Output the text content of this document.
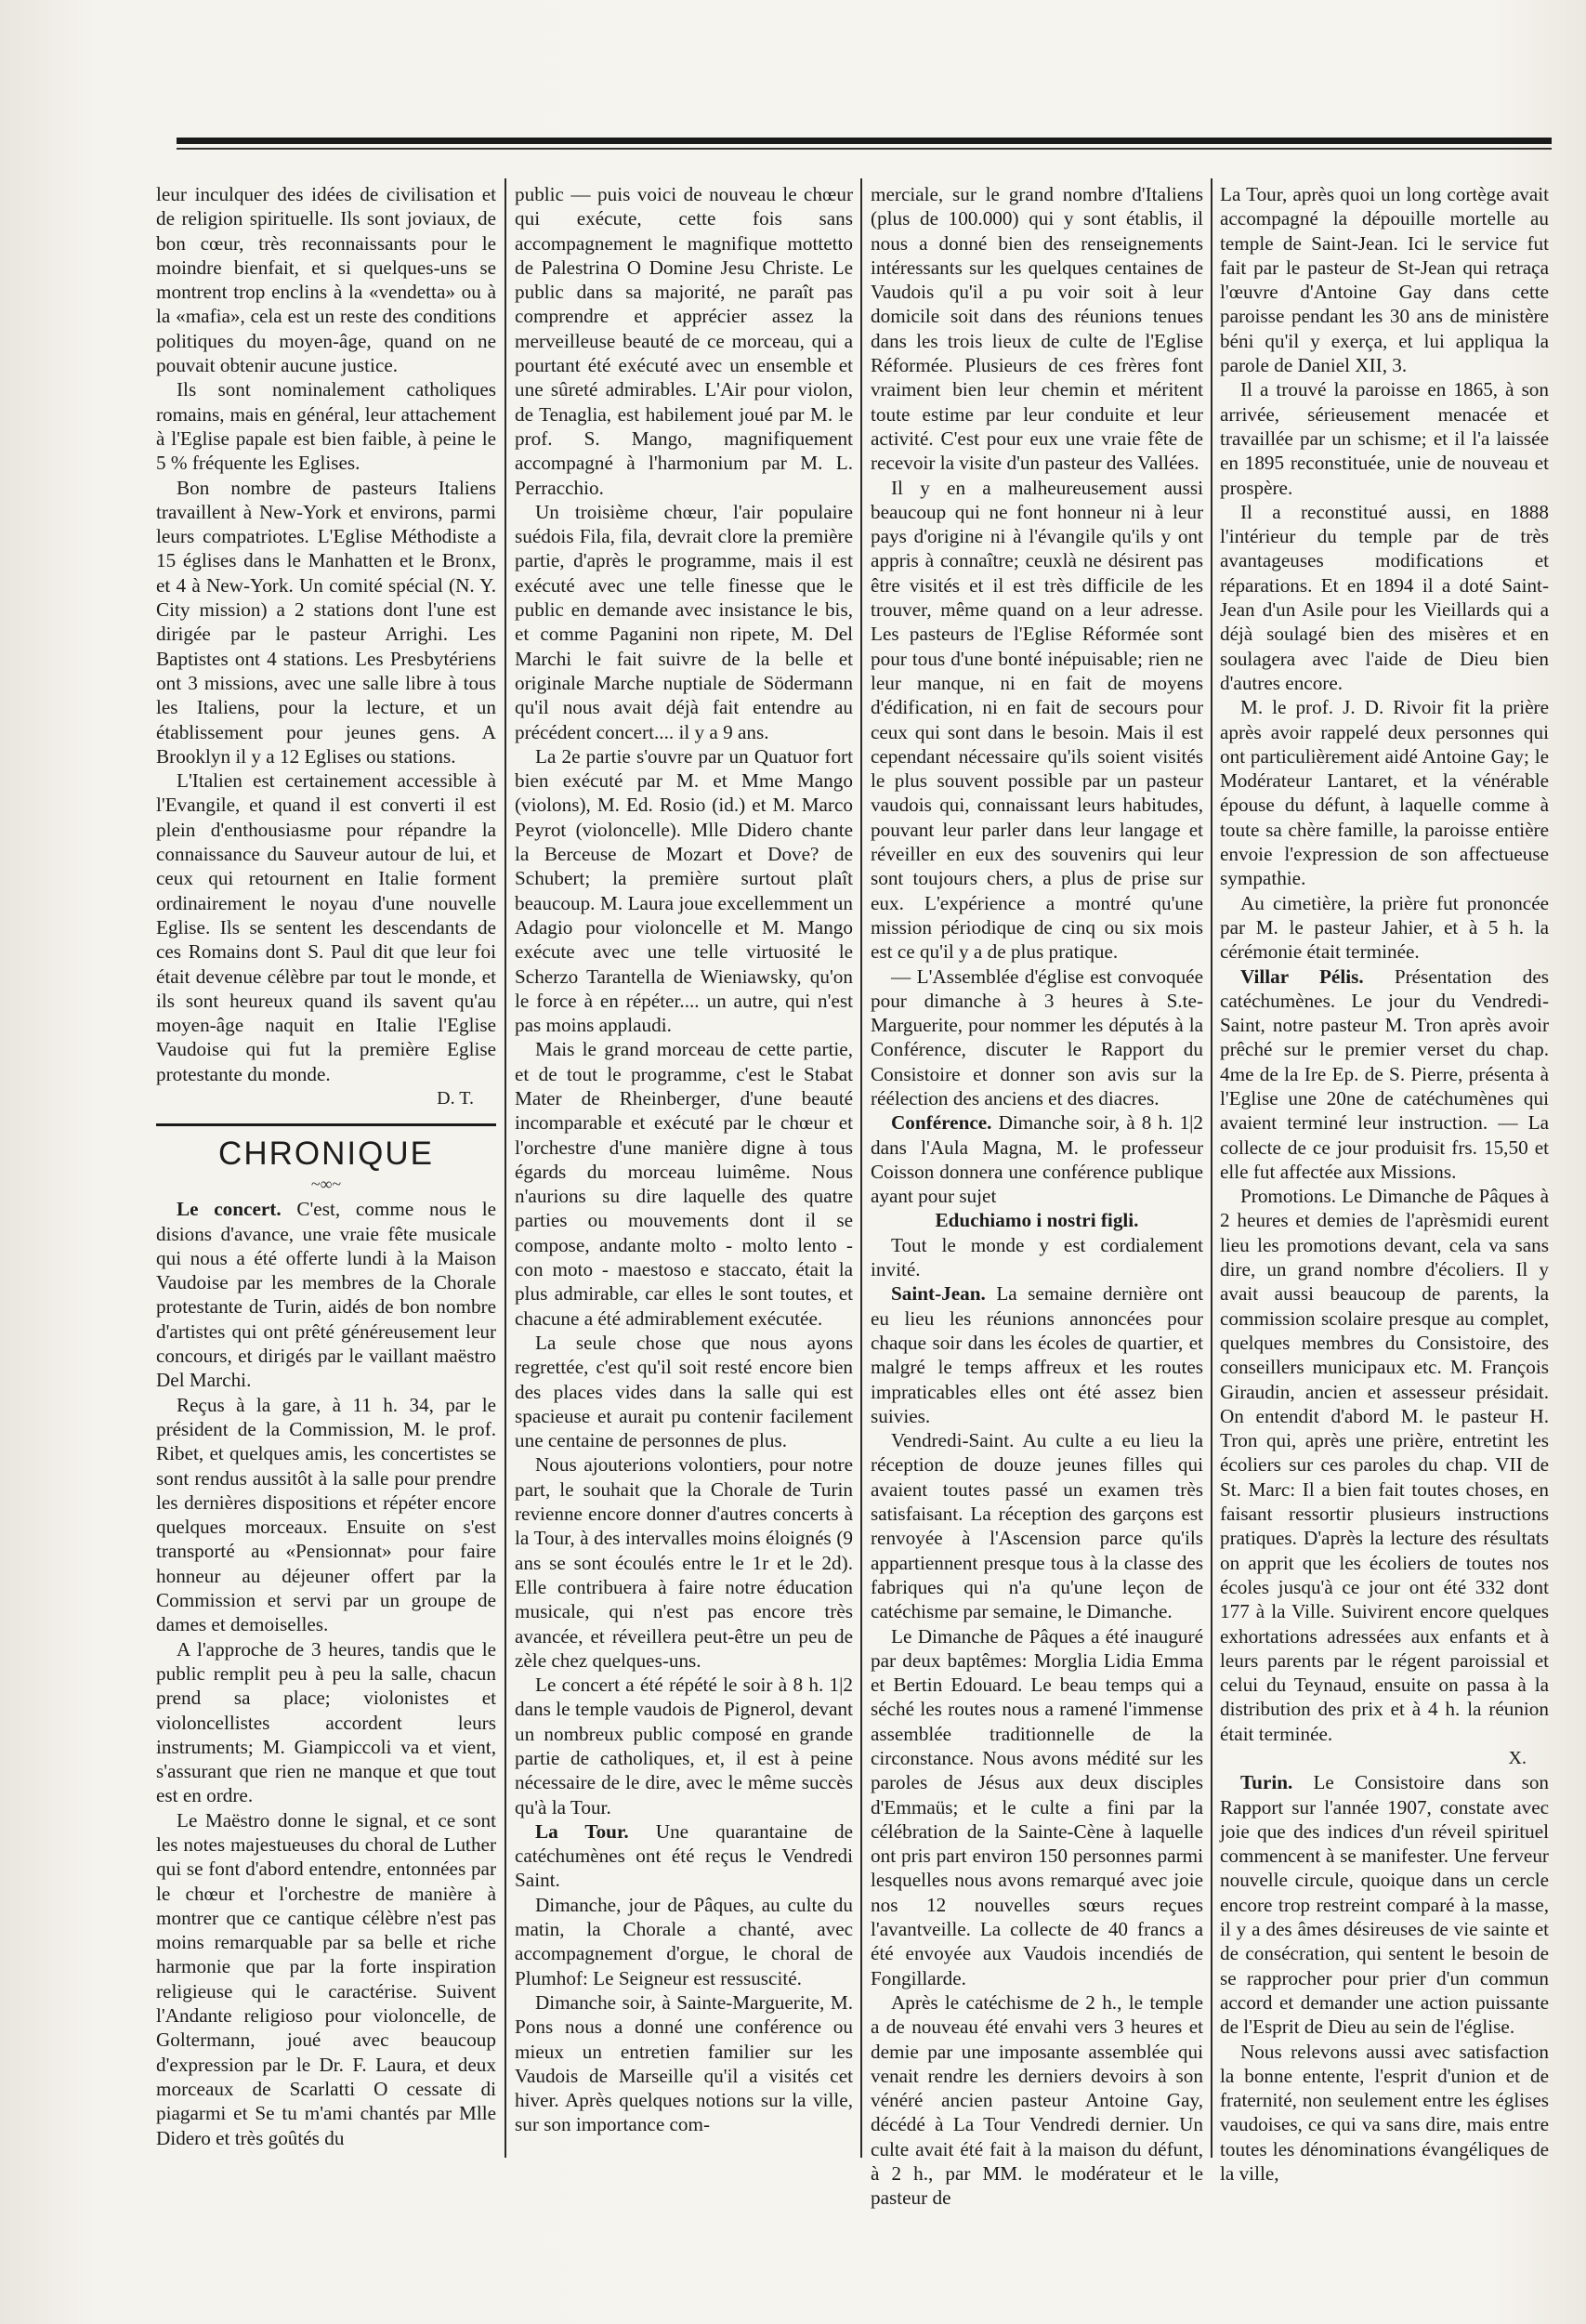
leur inculquer des idées de civilisation et de religion spirituelle. Ils sont joviaux, de bon cœur, très reconnaissants pour le moindre bienfait, et si quelques-uns se montrent trop enclins à la «vendetta» ou à la «mafia», cela est un reste des conditions politiques du moyen-âge, quand on ne pouvait obtenir aucune justice.

Ils sont nominalement catholiques romains, mais en général, leur attachement à l'Eglise papale est bien faible, à peine le 5 % fréquente les Eglises.

Bon nombre de pasteurs Italiens travaillent à New-York et environs, parmi leurs compatriotes. L'Eglise Méthodiste a 15 églises dans le Manhatten et le Bronx, et 4 à New-York. Un comité spécial (N. Y. City mission) a 2 stations dont l'une est dirigée par le pasteur Arrighi. Les Baptistes ont 4 stations. Les Presbytériens ont 3 missions, avec une salle libre à tous les Italiens, pour la lecture, et un établissement pour jeunes gens. A Brooklyn il y a 12 Eglises ou stations.

L'Italien est certainement accessible à l'Evangile, et quand il est converti il est plein d'enthousiasme pour répandre la connaissance du Sauveur autour de lui, et ceux qui retournent en Italie forment ordinairement le noyau d'une nouvelle Eglise. Ils se sentent les descendants de ces Romains dont S. Paul dit que leur foi était devenue célèbre par tout le monde, et ils sont heureux quand ils savent qu'au moyen-âge naquit en Italie l'Eglise Vaudoise qui fut la première Eglise protestante du monde.

D. T.

CHRONIQUE
~∞~

Le concert. C'est, comme nous le disions d'avance, une vraie fête musicale qui nous a été offerte lundi à la Maison Vaudoise par les membres de la Chorale protestante de Turin, aidés de bon nombre d'artistes qui ont prêté généreusement leur concours, et dirigés par le vaillant maëstro Del Marchi.

Reçus à la gare, à 11 h. 34, par le président de la Commission, M. le prof. Ribet, et quelques amis, les concertistes se sont rendus aussitôt à la salle pour prendre les dernières dispositions et répéter encore quelques morceaux. Ensuite on s'est transporté au «Pensionnat» pour faire honneur au déjeuner offert par la Commission et servi par un groupe de dames et demoiselles.

A l'approche de 3 heures, tandis que le public remplit peu à peu la salle, chacun prend sa place; violonistes et violoncellistes accordent leurs instruments; M. Giampiccoli va et vient, s'assurant que rien ne manque et que tout est en ordre.

Le Maëstro donne le signal, et ce sont les notes majestueuses du choral de Luther qui se font d'abord entendre, entonnées par le chœur et l'orchestre de manière à montrer que ce cantique célèbre n'est pas moins remarquable par sa belle et riche harmonie que par la forte inspiration religieuse qui le caractérise. Suivent l'Andante religioso pour violoncelle, de Goltermann, joué avec beaucoup d'expression par le Dr. F. Laura, et deux morceaux de Scarlatti O cessate di piagarmi et Se tu m'ami chantés par Mlle Didero et très goûtés du

public — puis voici de nouveau le chœur qui exécute, cette fois sans accompagnement le magnifique mottetto de Palestrina O Domine Jesu Christe. Le public dans sa majorité, ne paraît pas comprendre et apprécier assez la merveilleuse beauté de ce morceau, qui a pourtant été exécuté avec un ensemble et une sûreté admirables. L'Air pour violon, de Tenaglia, est habilement joué par M. le prof. S. Mango, magnifiquement accompagné à l'harmonium par M. L. Perracchio.

Un troisième chœur, l'air populaire suédois Fila, fila, devrait clore la première partie, d'après le programme, mais il est exécuté avec une telle finesse que le public en demande avec insistance le bis, et comme Paganini non ripete, M. Del Marchi le fait suivre de la belle et originale Marche nuptiale de Södermann qu'il nous avait déjà fait entendre au précédent concert.... il y a 9 ans.

La 2e partie s'ouvre par un Quatuor fort bien exécuté par M. et Mme Mango (violons), M. Ed. Rosio (id.) et M. Marco Peyrot (violoncelle). Mlle Didero chante la Berceuse de Mozart et Dove? de Schubert; la première surtout plaît beaucoup. M. Laura joue excellemment un Adagio pour violoncelle et M. Mango exécute avec une telle virtuosité le Scherzo Tarantella de Wieniawsky, qu'on le force à en répéter.... un autre, qui n'est pas moins applaudi.

Mais le grand morceau de cette partie, et de tout le programme, c'est le Stabat Mater de Rheinberger, d'une beauté incomparable et exécuté par le chœur et l'orchestre d'une manière digne à tous égards du morceau luimême. Nous n'aurions su dire laquelle des quatre parties ou mouvements dont il se compose, andante molto - molto lento - con moto - maestoso e staccato, était la plus admirable, car elles le sont toutes, et chacune a été admirablement exécutée.

La seule chose que nous ayons regrettée, c'est qu'il soit resté encore bien des places vides dans la salle qui est spacieuse et aurait pu contenir facilement une centaine de personnes de plus.

Nous ajouterions volontiers, pour notre part, le souhait que la Chorale de Turin revienne encore donner d'autres concerts à la Tour, à des intervalles moins éloignés (9 ans se sont écoulés entre le 1r et le 2d). Elle contribuera à faire notre éducation musicale, qui n'est pas encore très avancée, et réveillera peut-être un peu de zèle chez quelques-uns.

Le concert a été répété le soir à 8 h. 1|2 dans le temple vaudois de Pignerol, devant un nombreux public composé en grande partie de catholiques, et, il est à peine nécessaire de le dire, avec le même succès qu'à la Tour.

La Tour. Une quarantaine de catéchumènes ont été reçus le Vendredi Saint.

Dimanche, jour de Pâques, au culte du matin, la Chorale a chanté, avec accompagnement d'orgue, le choral de Plumhof: Le Seigneur est ressuscité.

Dimanche soir, à Sainte-Marguerite, M. Pons nous a donné une conférence ou mieux un entretien familier sur les Vaudois de Marseille qu'il a visités cet hiver. Après quelques notions sur la ville, sur son importance com-

merciale, sur le grand nombre d'Italiens (plus de 100.000) qui y sont établis, il nous a donné bien des renseignements intéressants sur les quelques centaines de Vaudois qu'il a pu voir soit à leur domicile soit dans des réunions tenues dans les trois lieux de culte de l'Eglise Réformée. Plusieurs de ces frères font vraiment bien leur chemin et méritent toute estime par leur conduite et leur activité. C'est pour eux une vraie fête de recevoir la visite d'un pasteur des Vallées.

Il y en a malheureusement aussi beaucoup qui ne font honneur ni à leur pays d'origine ni à l'évangile qu'ils y ont appris à connaître; ceuxlà ne désirent pas être visités et il est très difficile de les trouver, même quand on a leur adresse. Les pasteurs de l'Eglise Réformée sont pour tous d'une bonté inépuisable; rien ne leur manque, ni en fait de moyens d'édification, ni en fait de secours pour ceux qui sont dans le besoin. Mais il est cependant nécessaire qu'ils soient visités le plus souvent possible par un pasteur vaudois qui, connaissant leurs habitudes, pouvant leur parler dans leur langage et réveiller en eux des souvenirs qui leur sont toujours chers, a plus de prise sur eux. L'expérience a montré qu'une mission périodique de cinq ou six mois est ce qu'il y a de plus pratique.

— L'Assemblée d'église est convoquée pour dimanche à 3 heures à S.te-Marguerite, pour nommer les députés à la Conférence, discuter le Rapport du Consistoire et donner son avis sur la réélection des anciens et des diacres.

Conférence. Dimanche soir, à 8 h. 1|2 dans l'Aula Magna, M. le professeur Coisson donnera une conférence publique ayant pour sujet

Educhiamo i nostri figli.

Tout le monde y est cordialement invité.

Saint-Jean. La semaine dernière ont eu lieu les réunions annoncées pour chaque soir dans les écoles de quartier, et malgré le temps affreux et les routes impraticables elles ont été assez bien suivies.

Vendredi-Saint. Au culte a eu lieu la réception de douze jeunes filles qui avaient toutes passé un examen très satisfaisant. La réception des garçons est renvoyée à l'Ascension parce qu'ils appartiennent presque tous à la classe des fabriques qui n'a qu'une leçon de catéchisme par semaine, le Dimanche.

Le Dimanche de Pâques a été inauguré par deux baptêmes: Morglia Lidia Emma et Bertin Edouard. Le beau temps qui a séché les routes nous a ramené l'immense assemblée traditionnelle de la circonstance. Nous avons médité sur les paroles de Jésus aux deux disciples d'Emmaüs; et le culte a fini par la célébration de la Sainte-Cène à laquelle ont pris part environ 150 personnes parmi lesquelles nous avons remarqué avec joie nos 12 nouvelles sœurs reçues l'avantveille. La collecte de 40 francs a été envoyée aux Vaudois incendiés de Fongillarde.

Après le catéchisme de 2 h., le temple a de nouveau été envahi vers 3 heures et demie par une imposante assemblée qui venait rendre les derniers devoirs à son vénéré ancien pasteur Antoine Gay, décédé à La Tour Vendredi dernier. Un culte avait été fait à la maison du défunt, à 2 h., par MM. le modérateur et le pasteur de

La Tour, après quoi un long cortège avait accompagné la dépouille mortelle au temple de Saint-Jean. Ici le service fut fait par le pasteur de St-Jean qui retraça l'œuvre d'Antoine Gay dans cette paroisse pendant les 30 ans de ministère béni qu'il y exerça, et lui appliqua la parole de Daniel XII, 3.

Il a trouvé la paroisse en 1865, à son arrivée, sérieusement menacée et travaillée par un schisme; et il l'a laissée en 1895 reconstituée, unie de nouveau et prospère.

Il a reconstitué aussi, en 1888 l'intérieur du temple par de très avantageuses modifications et réparations. Et en 1894 il a doté Saint-Jean d'un Asile pour les Vieillards qui a déjà soulagé bien des misères et en soulagera avec l'aide de Dieu bien d'autres encore.

M. le prof. J. D. Rivoir fit la prière après avoir rappelé deux personnes qui ont particulièrement aidé Antoine Gay; le Modérateur Lantaret, et la vénérable épouse du défunt, à laquelle comme à toute sa chère famille, la paroisse entière envoie l'expression de son affectueuse sympathie.

Au cimetière, la prière fut prononcée par M. le pasteur Jahier, et à 5 h. la cérémonie était terminée.

Villar Pélis. Présentation des catéchumènes. Le jour du Vendredi-Saint, notre pasteur M. Tron après avoir prêché sur le premier verset du chap. 4me de la Ire Ep. de S. Pierre, présenta à l'Eglise une 20ne de catéchumènes qui avaient terminé leur instruction. — La collecte de ce jour produisit frs. 15,50 et elle fut affectée aux Missions.

Promotions. Le Dimanche de Pâques à 2 heures et demies de l'aprèsmidi eurent lieu les promotions devant, cela va sans dire, un grand nombre d'écoliers. Il y avait aussi beaucoup de parents, la commission scolaire presque au complet, quelques membres du Consistoire, des conseillers municipaux etc. M. François Giraudin, ancien et assesseur présidait. On entendit d'abord M. le pasteur H. Tron qui, après une prière, entretint les écoliers sur ces paroles du chap. VII de St. Marc: Il a bien fait toutes choses, en faisant ressortir plusieurs instructions pratiques. D'après la lecture des résultats on apprit que les écoliers de toutes nos écoles jusqu'à ce jour ont été 332 dont 177 à la Ville. Suivirent encore quelques exhortations adressées aux enfants et à leurs parents par le régent paroissial et celui du Teynaud, ensuite on passa à la distribution des prix et à 4 h. la réunion était terminée.

X.

Turin. Le Consistoire dans son Rapport sur l'année 1907, constate avec joie que des indices d'un réveil spirituel commencent à se manifester. Une ferveur nouvelle circule, quoique dans un cercle encore trop restreint comparé à la masse, il y a des âmes désireuses de vie sainte et de consécration, qui sentent le besoin de se rapprocher pour prier d'un commun accord et demander une action puissante de l'Esprit de Dieu au sein de l'église.

Nous relevons aussi avec satisfaction la bonne entente, l'esprit d'union et de fraternité, non seulement entre les églises vaudoises, ce qui va sans dire, mais entre toutes les dénominations évangéliques de la ville,
